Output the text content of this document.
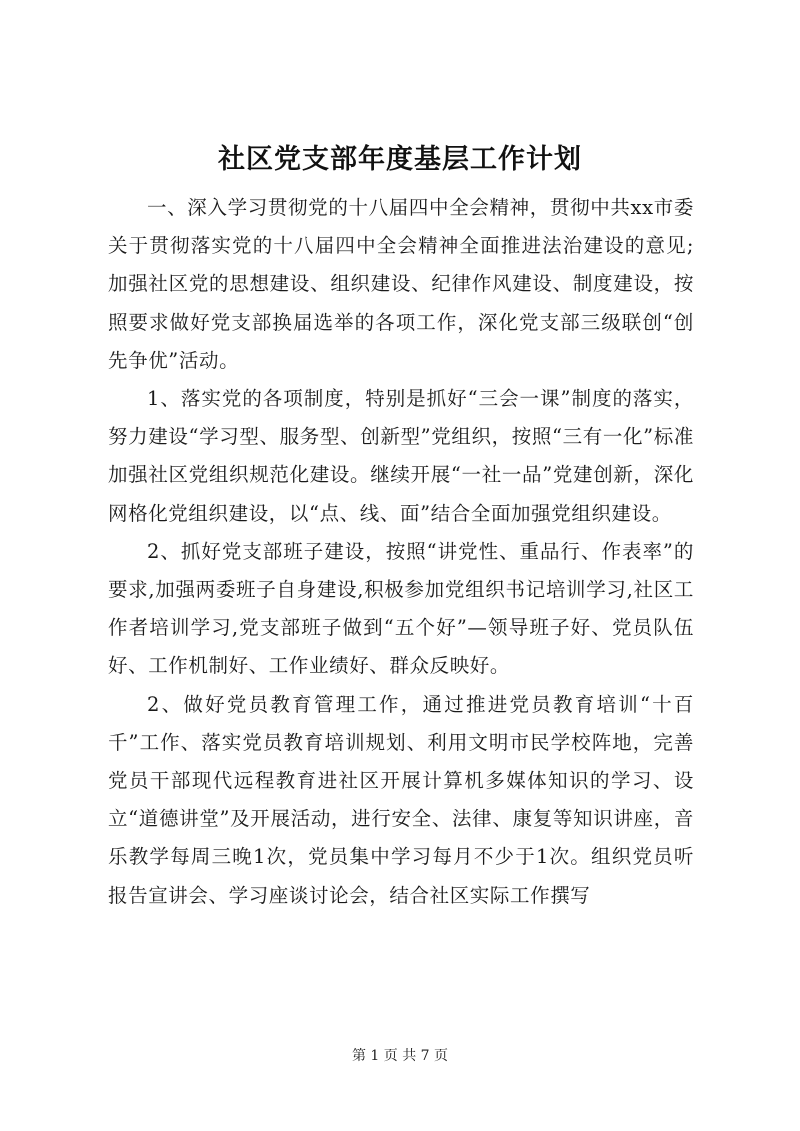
社区党支部年度基层工作计划

一、深入学习贯彻党的十八届四中全会精神，贯彻中共xx市委关于贯彻落实党的十八届四中全会精神全面推进法治建设的意见;加强社区党的思想建设、组织建设、纪律作风建设、制度建设，按照要求做好党支部换届选举的各项工作，深化党支部三级联创“创先争优”活动。

1、落实党的各项制度，特别是抓好“三会一课”制度的落实，努力建设“学习型、服务型、创新型”党组织，按照“三有一化”标准加强社区党组织规范化建设。继续开展“一社一品”党建创新，深化网格化党组织建设，以“点、线、面”结合全面加强党组织建设。

2、抓好党支部班子建设，按照“讲党性、重品行、作表率”的要求,加强两委班子自身建设,积极参加党组织书记培训学习,社区工作者培训学习,党支部班子做到“五个好”—领导班子好、党员队伍好、工作机制好、工作业绩好、群众反映好。

2、做好党员教育管理工作，通过推进党员教育培训“十百千”工作、落实党员教育培训规划、利用文明市民学校阵地，完善党员干部现代远程教育进社区开展计算机多媒体知识的学习、设立“道德讲堂”及开展活动，进行安全、法律、康复等知识讲座，音乐教学每周三晚1次，党员集中学习每月不少于1次。组织党员听报告宣讲会、学习座谈讨论会，结合社区实际工作撰写

第 1 页 共 7 页
